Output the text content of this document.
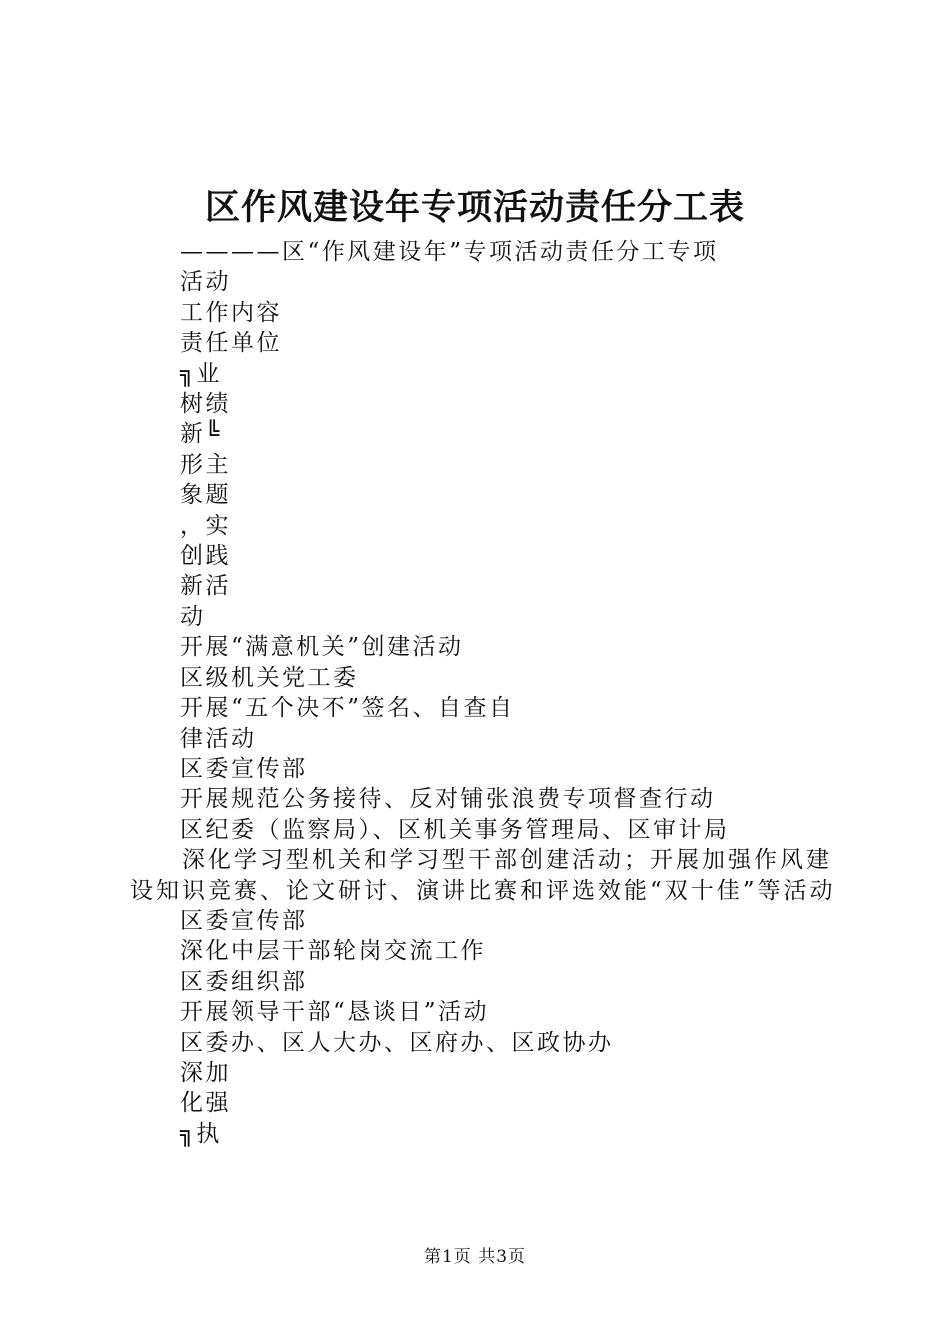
区作风建设年专项活动责任分工表

————区“作风建设年”专项活动责任分工专项

活动

工作内容

责任单位

╗业

树绩

新╚

形主

象题

，实

创践

新活

动

开展“满意机关”创建活动

区级机关党工委

开展“五个决不”签名、自查自

律活动

区委宣传部

开展规范公务接待、反对铺张浪费专项督查行动

区纪委（监察局）、区机关事务管理局、区审计局

深化学习型机关和学习型干部创建活动；开展加强作风建设知识竞赛、论文研讨、演讲比赛和评选效能“双十佳”等活动

区委宣传部

深化中层干部轮岗交流工作

区委组织部

开展领导干部“恳谈日”活动

区委办、区人大办、区府办、区政协办

深加

化强

╗执

第1页 共3页
